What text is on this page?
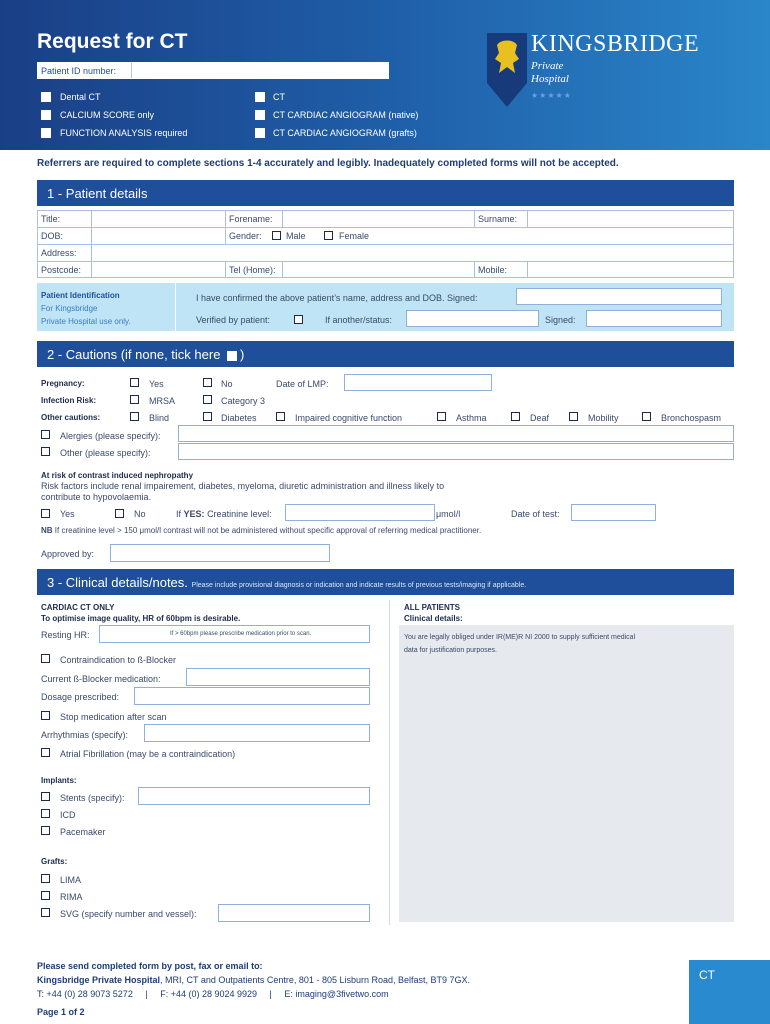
Request for CT
Patient ID number:
Dental CT
CALCIUM SCORE only
FUNCTION ANALYSIS required
CT
CT CARDIAC ANGIOGRAM (native)
CT CARDIAC ANGIOGRAM (grafts)
KINGSBRIDGE
Private
Hospital
★★★★★
Referrers are required to complete sections 1-4 accurately and legibly. Inadequately completed forms will not be accepted.
1 - Patient details
Title:	Forename:	Surname:
DOB:	Gender:	Male	Female
Address:
Postcode:	Tel (Home):	Mobile:
Patient Identification
For Kingsbridge
Private Hospital use only.
I have confirmed the above patient’s name, address and DOB. Signed:
Verified by patient:	If another/status:	Signed:
2 - Cautions (if none, tick here )
Pregnancy:	Yes	No	Date of LMP:
Infection Risk:	MRSA	Category 3
Other cautions:	Blind	Diabetes	Impaired cognitive function	Asthma	Deaf	Mobility	Bronchospasm
Alergies (please specify):
Other (please specify):
At risk of contrast induced nephropathy
Risk factors include renal impairement, diabetes, myeloma, diuretic administration and illness likely to
contribute to hypovolaemia.
Yes	No	If YES: Creatinine level:	μmol/l	Date of test:
NB If creatinine level > 150 μmol/l contrast will not be administered without specific approval of referring medical practitioner.
Approved by:
3 - Clinical details/notes. Please include provisional diagnosis or indication and indicate results of previous tests/imaging if applicable.
CARDIAC CT ONLY
To optimise image quality, HR of 60bpm is desirable.
Resting HR:	If > 60bpm please prescribe medication prior to scan.
Contraindication to ß-Blocker
Current ß-Blocker medication:
Dosage prescribed:
Stop medication after scan
Arrhythmias (specify):
Atrial Fibrillation (may be a contraindication)
Implants:
Stents (specify):
ICD
Pacemaker
Grafts:
LIMA
RIMA
SVG (specify number and vessel):
ALL PATIENTS
Clinical details:
You are legally obliged under IR(ME)R NI 2000 to supply sufficient medical
data for justification purposes.
Please send completed form by post, fax or email to:
Kingsbridge Private Hospital, MRI, CT and Outpatients Centre, 801 - 805 Lisburn Road, Belfast, BT9 7GX.
T: +44 (0) 28 9073 5272 | F: +44 (0) 28 9024 9929 | E: imaging@3fivetwo.com
Page 1 of 2
CT
